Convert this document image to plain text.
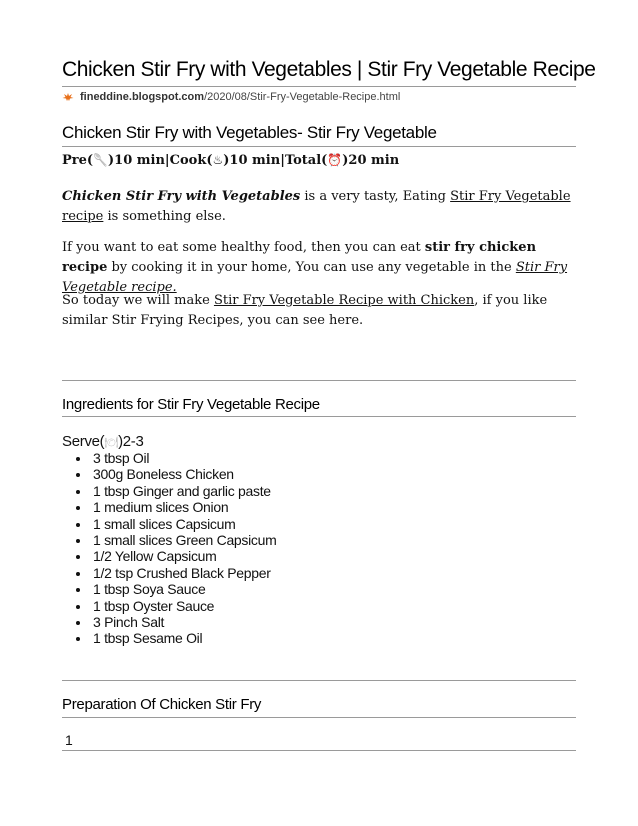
Chicken Stir Fry with Vegetables | Stir Fry Vegetable Recipe
fineddine.blogspot.com /2020/08/Stir-Fry-Vegetable-Recipe.html
Chicken Stir Fry with Vegetables- Stir Fry Vegetable
Pre(🥄)10 min|Cook(♨)10 min|Total(⏰)20 min

Chicken Stir Fry with Vegetables is a very tasty, Eating Stir Fry Vegetable recipe is something else.

If you want to eat some healthy food, then you can eat stir fry chicken recipe by cooking it in your home, You can use any vegetable in the Stir Fry Vegetable recipe.

So today we will make Stir Fry Vegetable Recipe with Chicken, if you like similar Stir Frying Recipes, you can see here.

Ingredients for Stir Fry Vegetable Recipe
Serve(🍽)2-3
3 tbsp Oil
300g Boneless Chicken
1 tbsp Ginger and garlic paste
1 medium slices Onion
1 small slices Capsicum
1 small slices Green Capsicum
1/2 Yellow Capsicum
1/2 tsp Crushed Black Pepper
1 tbsp Soya Sauce
1 tbsp Oyster Sauce
3 Pinch Salt
1 tbsp Sesame Oil
Preparation Of Chicken Stir Fry
1
